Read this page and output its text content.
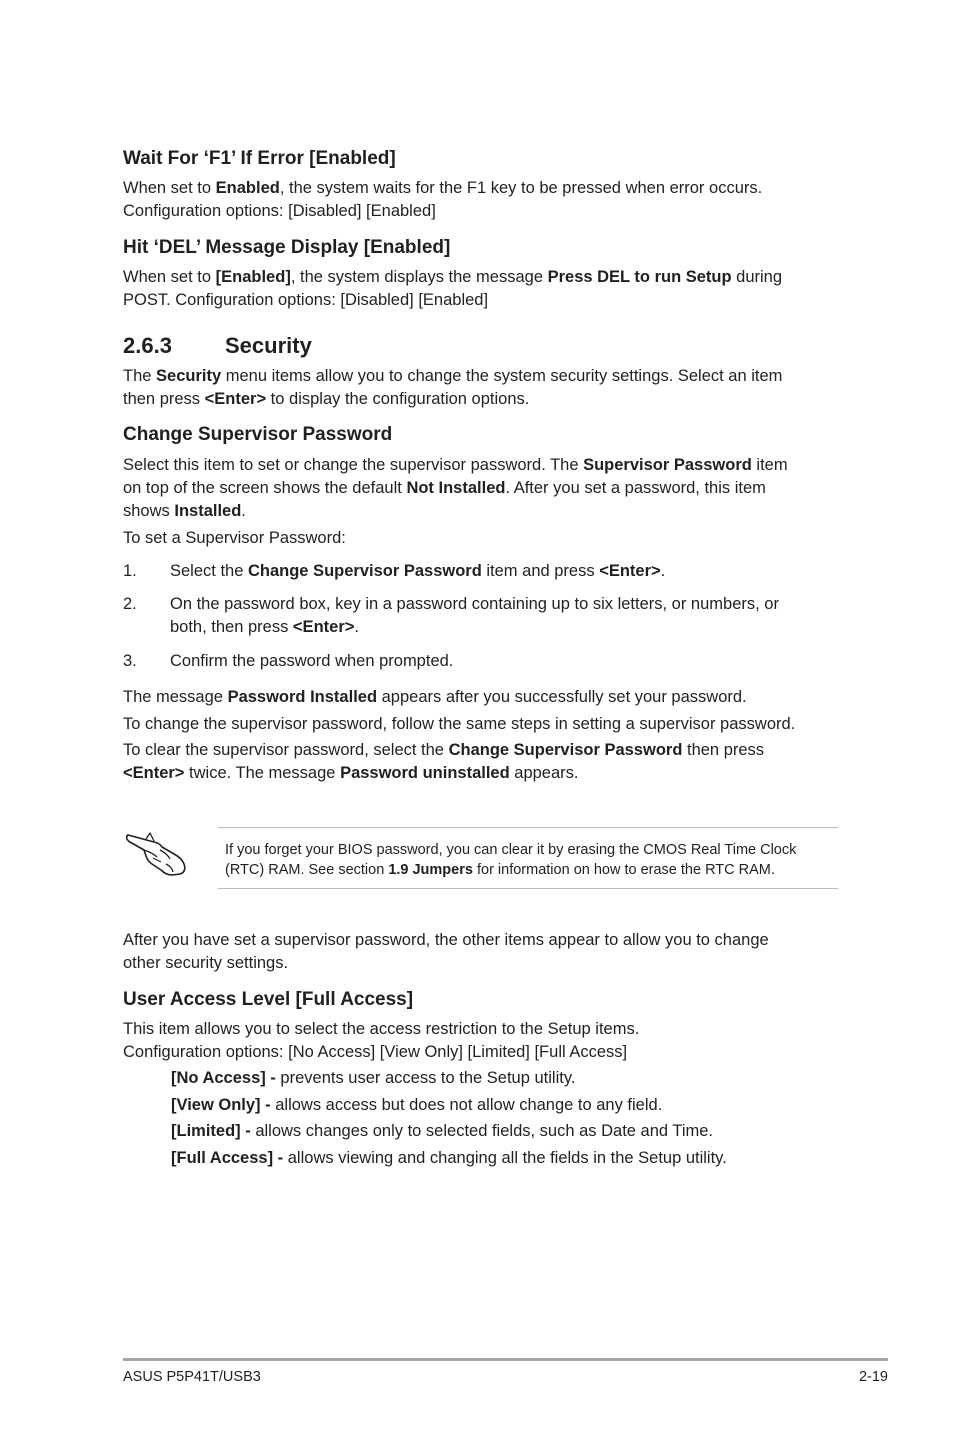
Wait For ‘F1’ If Error [Enabled]
When set to Enabled, the system waits for the F1 key to be pressed when error occurs.
Configuration options: [Disabled] [Enabled]
Hit ‘DEL’ Message Display [Enabled]
When set to [Enabled], the system displays the message Press DEL to run Setup during
POST. Configuration options: [Disabled] [Enabled]
2.6.3 Security
The Security menu items allow you to change the system security settings. Select an item
then press <Enter> to display the configuration options.
Change Supervisor Password
Select this item to set or change the supervisor password. The Supervisor Password item
on top of the screen shows the default Not Installed. After you set a password, this item
shows Installed.
To set a Supervisor Password:
1.	Select the Change Supervisor Password item and press <Enter>.
2.	On the password box, key in a password containing up to six letters, or numbers, or
both, then press <Enter>.
3.	Confirm the password when prompted.
The message Password Installed appears after you successfully set your password.
To change the supervisor password, follow the same steps in setting a supervisor password.
To clear the supervisor password, select the Change Supervisor Password then press
<Enter> twice. The message Password uninstalled appears.
If you forget your BIOS password, you can clear it by erasing the CMOS Real Time Clock
(RTC) RAM. See section 1.9 Jumpers for information on how to erase the RTC RAM.
After you have set a supervisor password, the other items appear to allow you to change
other security settings.
User Access Level [Full Access]
This item allows you to select the access restriction to the Setup items.
Configuration options: [No Access] [View Only] [Limited] [Full Access]
[No Access] - prevents user access to the Setup utility.
[View Only] - allows access but does not allow change to any field.
[Limited] - allows changes only to selected fields, such as Date and Time.
[Full Access] - allows viewing and changing all the fields in the Setup utility.
ASUS P5P41T/USB3	2-19
